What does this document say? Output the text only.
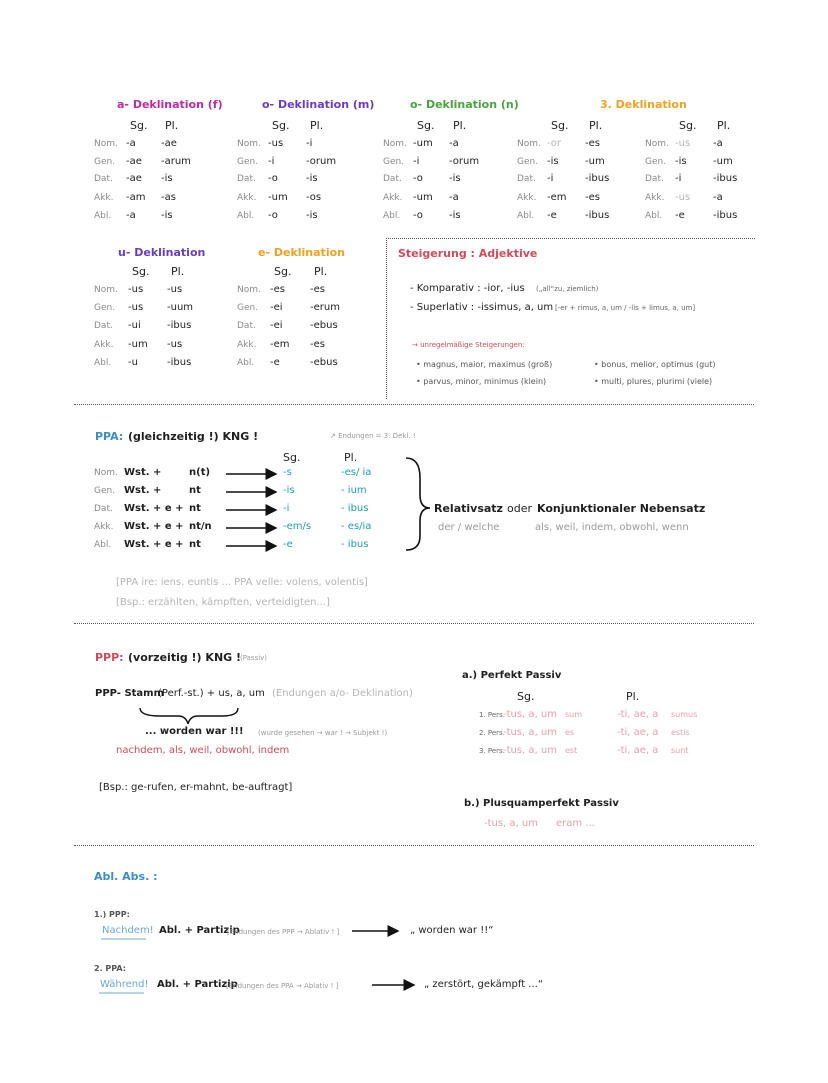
a- Deklination (f)
Sg. Pl.
Nom. -a	-ae
Gen. -ae -arum
Dat. -ae -is
Akk. -am -as
Abl. -a	-is
o- Deklination (m)
Sg. Pl.
Nom. -us -i
Gen. -i	-orum
Dat. -o	-is
Akk. -um -os
Abl. -o	-is
o- Deklination (n)
Sg. Pl.
Nom. -um -a
Gen. -i	-orum
Dat. -o	-is
Akk. -um -a
Abl. -o	-is
3. Deklination
Sg. Pl.
Nom. -or -es
Gen. -is	-um
Dat. -i	-ibus
Akk. -em -es
Abl. -e	-ibus
Sg. Pl.
Nom. -us -a
Gen. -is	-um
Dat. -i	-ibus
Akk. -us -a
Abl. -e	-ibus
u- Deklination
Sg. Pl.
Nom. -us -us
Gen. -us -uum
Dat. -ui	-ibus
Akk. -um -us
Abl. -u	-ibus
e- Deklination
Sg. Pl.
Nom. -es	-es
Gen. -ei	-erum
Dat. -ei	-ebus
Akk. -em -es
Abl. -e	-ebus
Steigerung : Adjektive
- Komparativ : -ior, -ius („all“zu, ziemlich)
- Superlativ : -issimus, a, um [-er + rimus, a, um / -lis + limus, a, um]
→ unregelmäßige Steigerungen:
• magnus, maior, maximus (groß)	• bonus, melior, optimus (gut)
• parvus, minor, minimus (klein)	• multi, plures, plurimi (viele)
PPA: (gleichzeitig !) KNG !	↗ Endungen = 3. Dekl. !
Sg.	Pl.
Nom. Wst. +	n(t)	-s	-es/ ia
Gen. Wst. +	nt	-is	- ium
Dat. Wst. + e + nt	-i	- ibus
Akk. Wst. + e + nt/n	-em/s	- es/ia
Abl. Wst. + e + nt	-e	- ibus
Relativsatz oder Konjunktionaler Nebensatz
der / welche	als, weil, indem, obwohl, wenn
[PPA ire: iens, euntis ... PPA velle: volens, volentis]
[Bsp.: erzählten, kämpften, verteidigten...]
PPP: (vorzeitig !) KNG !
(Passiv)
PPP- Stamm
(Perf.-st.) + us, a, um (Endungen a/o- Deklination)
... worden war !!! (wurde gesehen → war ! → Subjekt !)
nachdem, als, weil, obwohl, indem
[Bsp.: ge-rufen, er-mahnt, be-auftragt]
a.) Perfekt Passiv
Sg.	Pl.
1. Pers.
-tus, a, um sum	-ti, ae, a sumus
2. Pers.
-tus, a, um es	-ti, ae, a estis
3. Pers.
-tus, a, um est	-ti, ae, a sunt
b.) Plusquamperfekt Passiv
-tus, a, um eram ...
Abl. Abs. :
1.) PPP:
Nachdem! Abl. + Partizip
[Endungen des PPP → Ablativ ! ]	„ worden war !!“
2. PPA:
Während! Abl. + Partizip
[Endungen des PPA → Ablativ ! ]	„ zerstört, gekämpft ...“
